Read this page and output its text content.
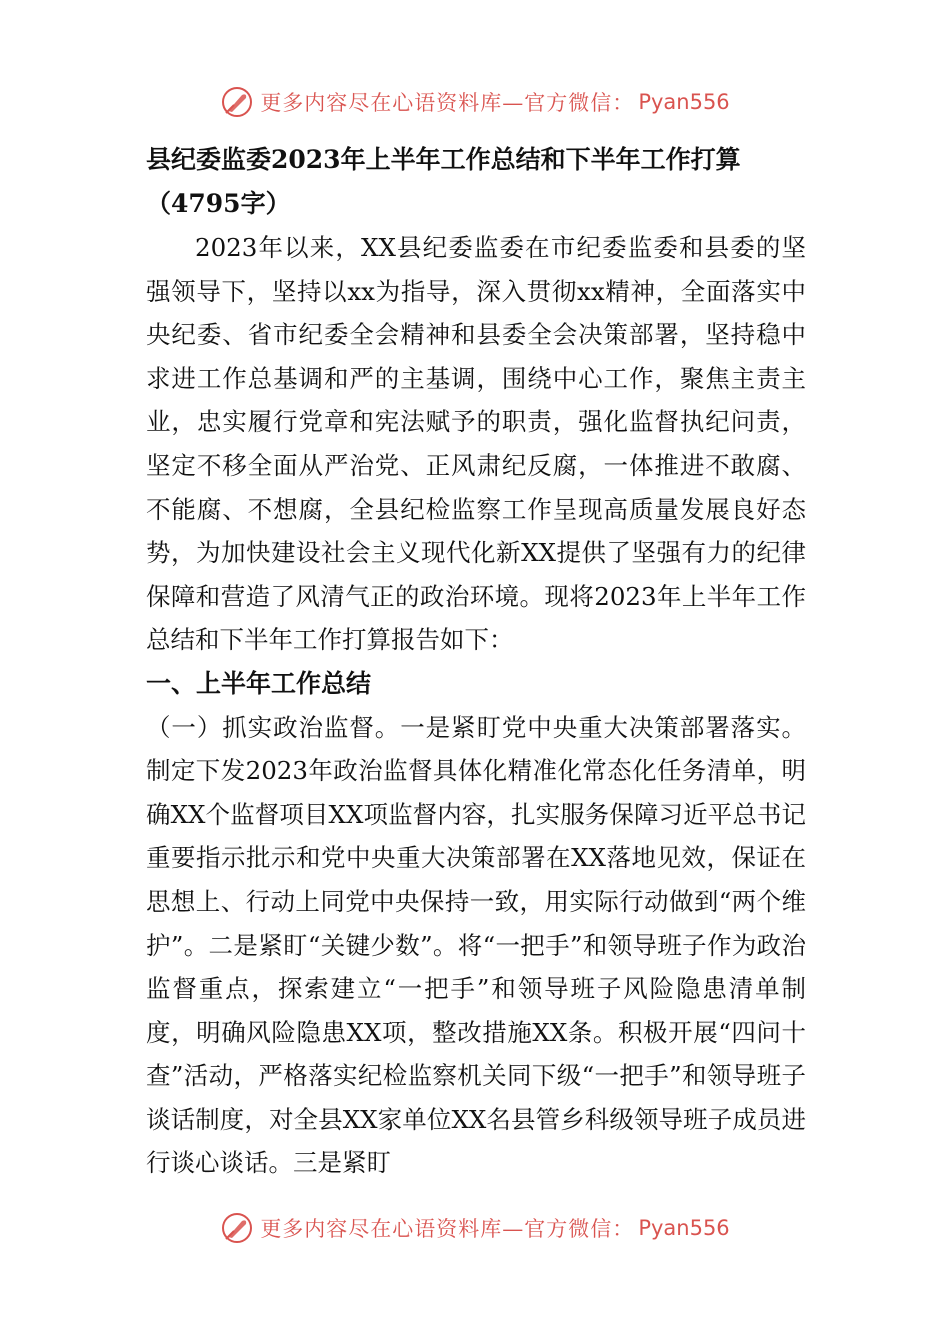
更多内容尽在心语资料库—官方微信： Pyan556

县纪委监委2023年上半年工作总结和下半年工作打算
（4795字）

2023年以来，XX县纪委监委在市纪委监委和县委的坚强领导下，坚持以xx为指导，深入贯彻xx精神，全面落实中央纪委、省市纪委全会精神和县委全会决策部署，坚持稳中求进工作总基调和严的主基调，围绕中心工作，聚焦主责主业，忠实履行党章和宪法赋予的职责，强化监督执纪问责，坚定不移全面从严治党、正风肃纪反腐，一体推进不敢腐、不能腐、不想腐，全县纪检监察工作呈现高质量发展良好态势，为加快建设社会主义现代化新XX提供了坚强有力的纪律保障和营造了风清气正的政治环境。现将2023年上半年工作总结和下半年工作打算报告如下：

一、上半年工作总结

（一）抓实政治监督。一是紧盯党中央重大决策部署落实。制定下发2023年政治监督具体化精准化常态化任务清单，明确XX个监督项目XX项监督内容，扎实服务保障习近平总书记重要指示批示和党中央重大决策部署在XX落地见效，保证在思想上、行动上同党中央保持一致，用实际行动做到“两个维护”。二是紧盯“关键少数”。将“一把手”和领导班子作为政治监督重点，探索建立“一把手”和领导班子风险隐患清单制度，明确风险隐患XX项，整改措施XX条。积极开展“四问十查”活动，严格落实纪检监察机关同下级“一把手”和领导班子谈话制度，对全县XX家单位XX名县管乡科级领导班子成员进行谈心谈话。三是紧盯

更多内容尽在心语资料库—官方微信： Pyan556
